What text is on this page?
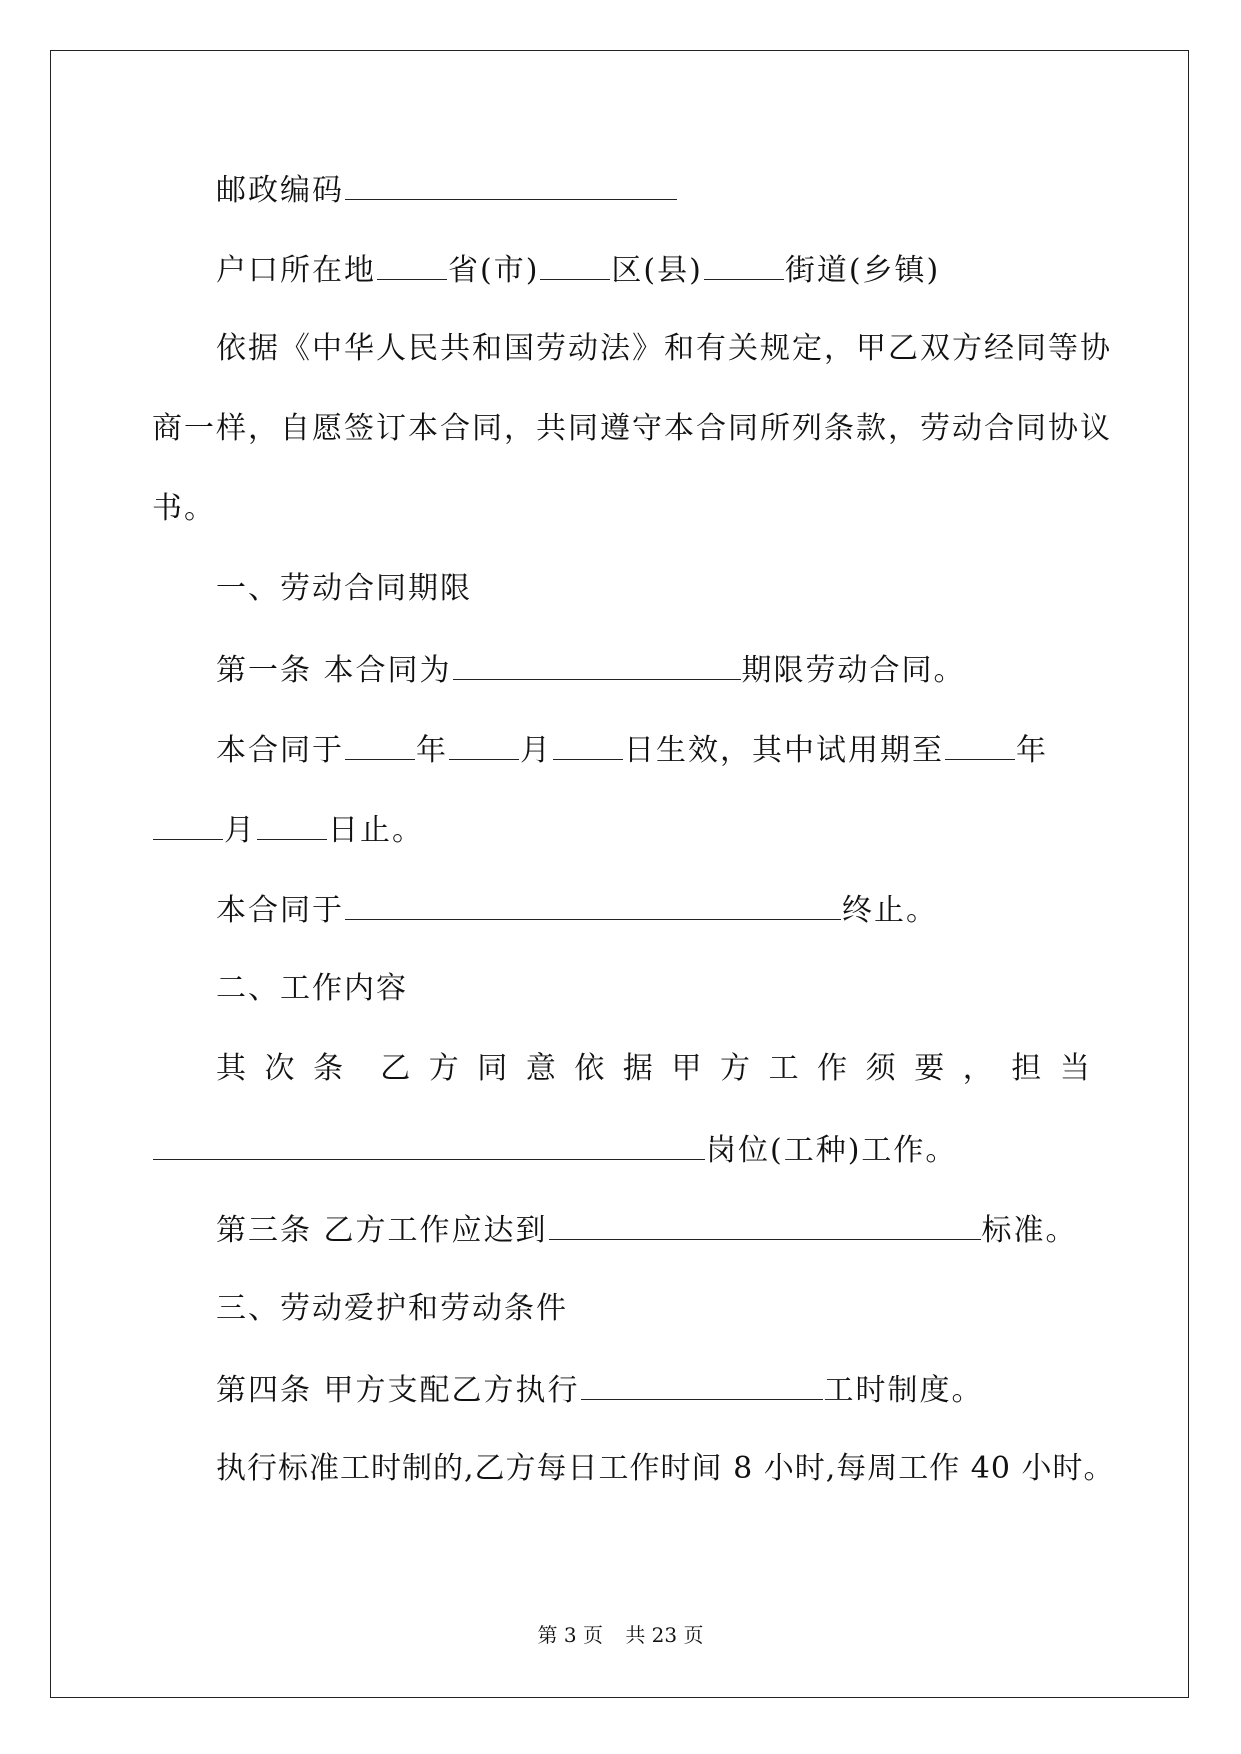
邮政编码
户口所在地 省(市) 区(县)	街道(乡镇)
依据《中华人民共和国劳动法》和有关规定，甲乙双方经同等协
商一样，自愿签订本合同，共同遵守本合同所列条款，劳动合同协议
书。
一、劳动合同期限
第一条 本合同为	期限劳动合同。
本合同于 年 月 日生效，其中试用期至 年
月 日止。
本合同于	终止。
二、工作内容
其 次 条 乙 方 同 意 依 据 甲 方 工 作 须 要 ， 担 当
岗位(工种)工作。
第三条 乙方工作应达到	标准。
三、劳动爱护和劳动条件
第四条 甲方支配乙方执行	工时制度。
执行标准工时制的,乙方每日工作时间 8 小时,每周工作 40 小时。
第 3 页 共 23 页
